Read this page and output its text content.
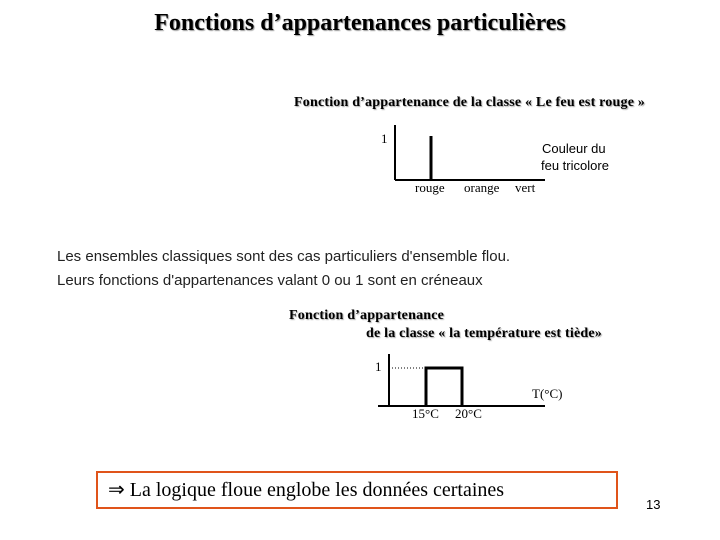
Fonctions d’appartenances particulières
Fonction d’appartenance de la classe « Le feu est rouge »
1
Couleur du
feu tricolore
rouge orange vert
Les ensembles classiques sont des cas particuliers d'ensemble flou.
Leurs fonctions d'appartenances valant 0 ou 1 sont en créneaux
Fonction d’appartenance
de la classe « la température est tiède»
1
T(°C)
15°C 20°C
⇒ La logique floue englobe les données certaines
13
